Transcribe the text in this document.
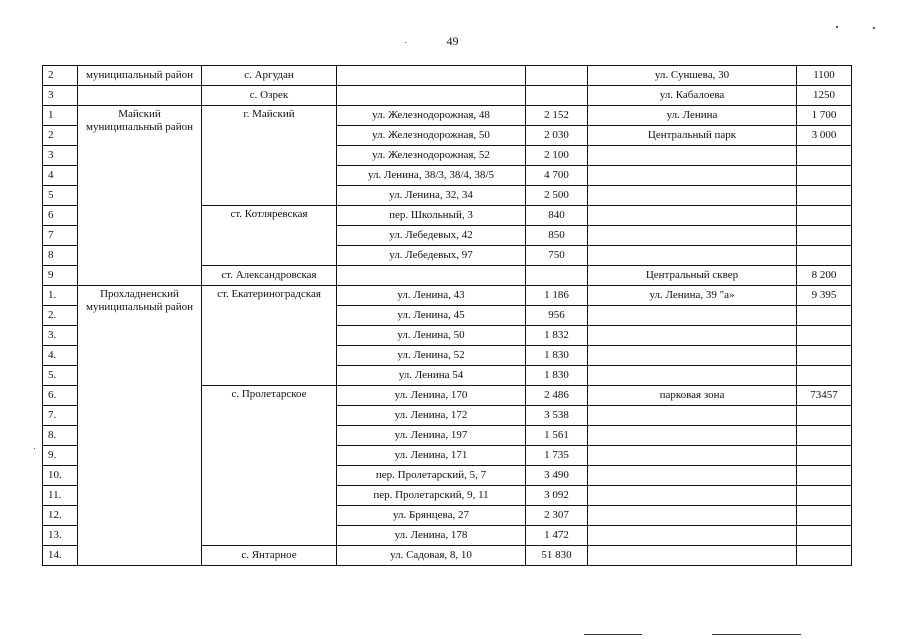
49
2	муниципальный район	с. Аргудан			ул. Суншева, 30	1100
3		с. Озрек			ул. Кабалоева	1250
1	Майский муниципальный район	г. Майский	ул. Железнодорожная, 48	2 152	ул. Ленина	1 700
2			ул. Железнодорожная, 50	2 030	Центральный парк	3 000
3			ул. Железнодорожная, 52	2 100		
4			ул. Ленина, 38/3, 38/4, 38/5	4 700		
5			ул. Ленина, 32, 34	2 500		
6		ст. Котляревская	пер. Школьный, 3	840		
7			ул. Лебедевых, 42	850		
8			ул. Лебедевых, 97	750		
9		ст. Александровская			Центральный сквер	8 200
1.	Прохладненский муниципальный район	ст. Екатериноградская	ул. Ленина, 43	1 186	ул. Ленина, 39 "а»	9 395
2.			ул. Ленина, 45	956		
3.			ул. Ленина, 50	1 832		
4.			ул. Ленина, 52	1 830		
5.			ул. Ленина 54	1 830		
6.		с. Пролетарское	ул. Ленина, 170	2 486	парковая зона	73457
7.			ул. Ленина, 172	3 538		
8.			ул. Ленина, 197	1 561		
9.			ул. Ленина, 171	1 735		
10.			пер. Пролетарский, 5, 7	3 490		
11.			пер. Пролетарский, 9, 11	3 092		
12.			ул. Брянцева, 27	2 307		
13.			ул. Ленина, 178	1 472		
14.		с. Янтарное	ул. Садовая, 8, 10	51 830		
